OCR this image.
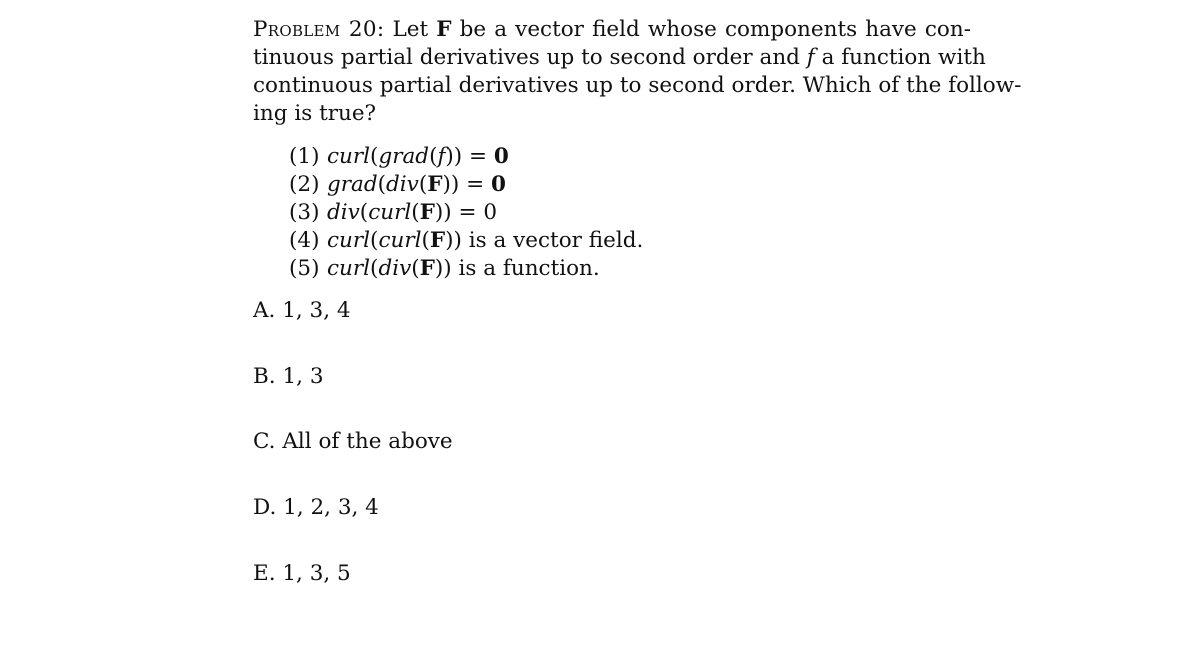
Problem 20: Let F be a vector field whose components have con-
tinuous partial derivatives up to second order and f a function with
continuous partial derivatives up to second order. Which of the follow-
ing is true?

(1) curl(grad(f)) = 0
(2) grad(div(F)) = 0
(3) div(curl(F)) = 0
(4) curl(curl(F)) is a vector field.
(5) curl(div(F)) is a function.
A. 1, 3, 4
B. 1, 3
C. All of the above
D. 1, 2, 3, 4
E. 1, 3, 5
